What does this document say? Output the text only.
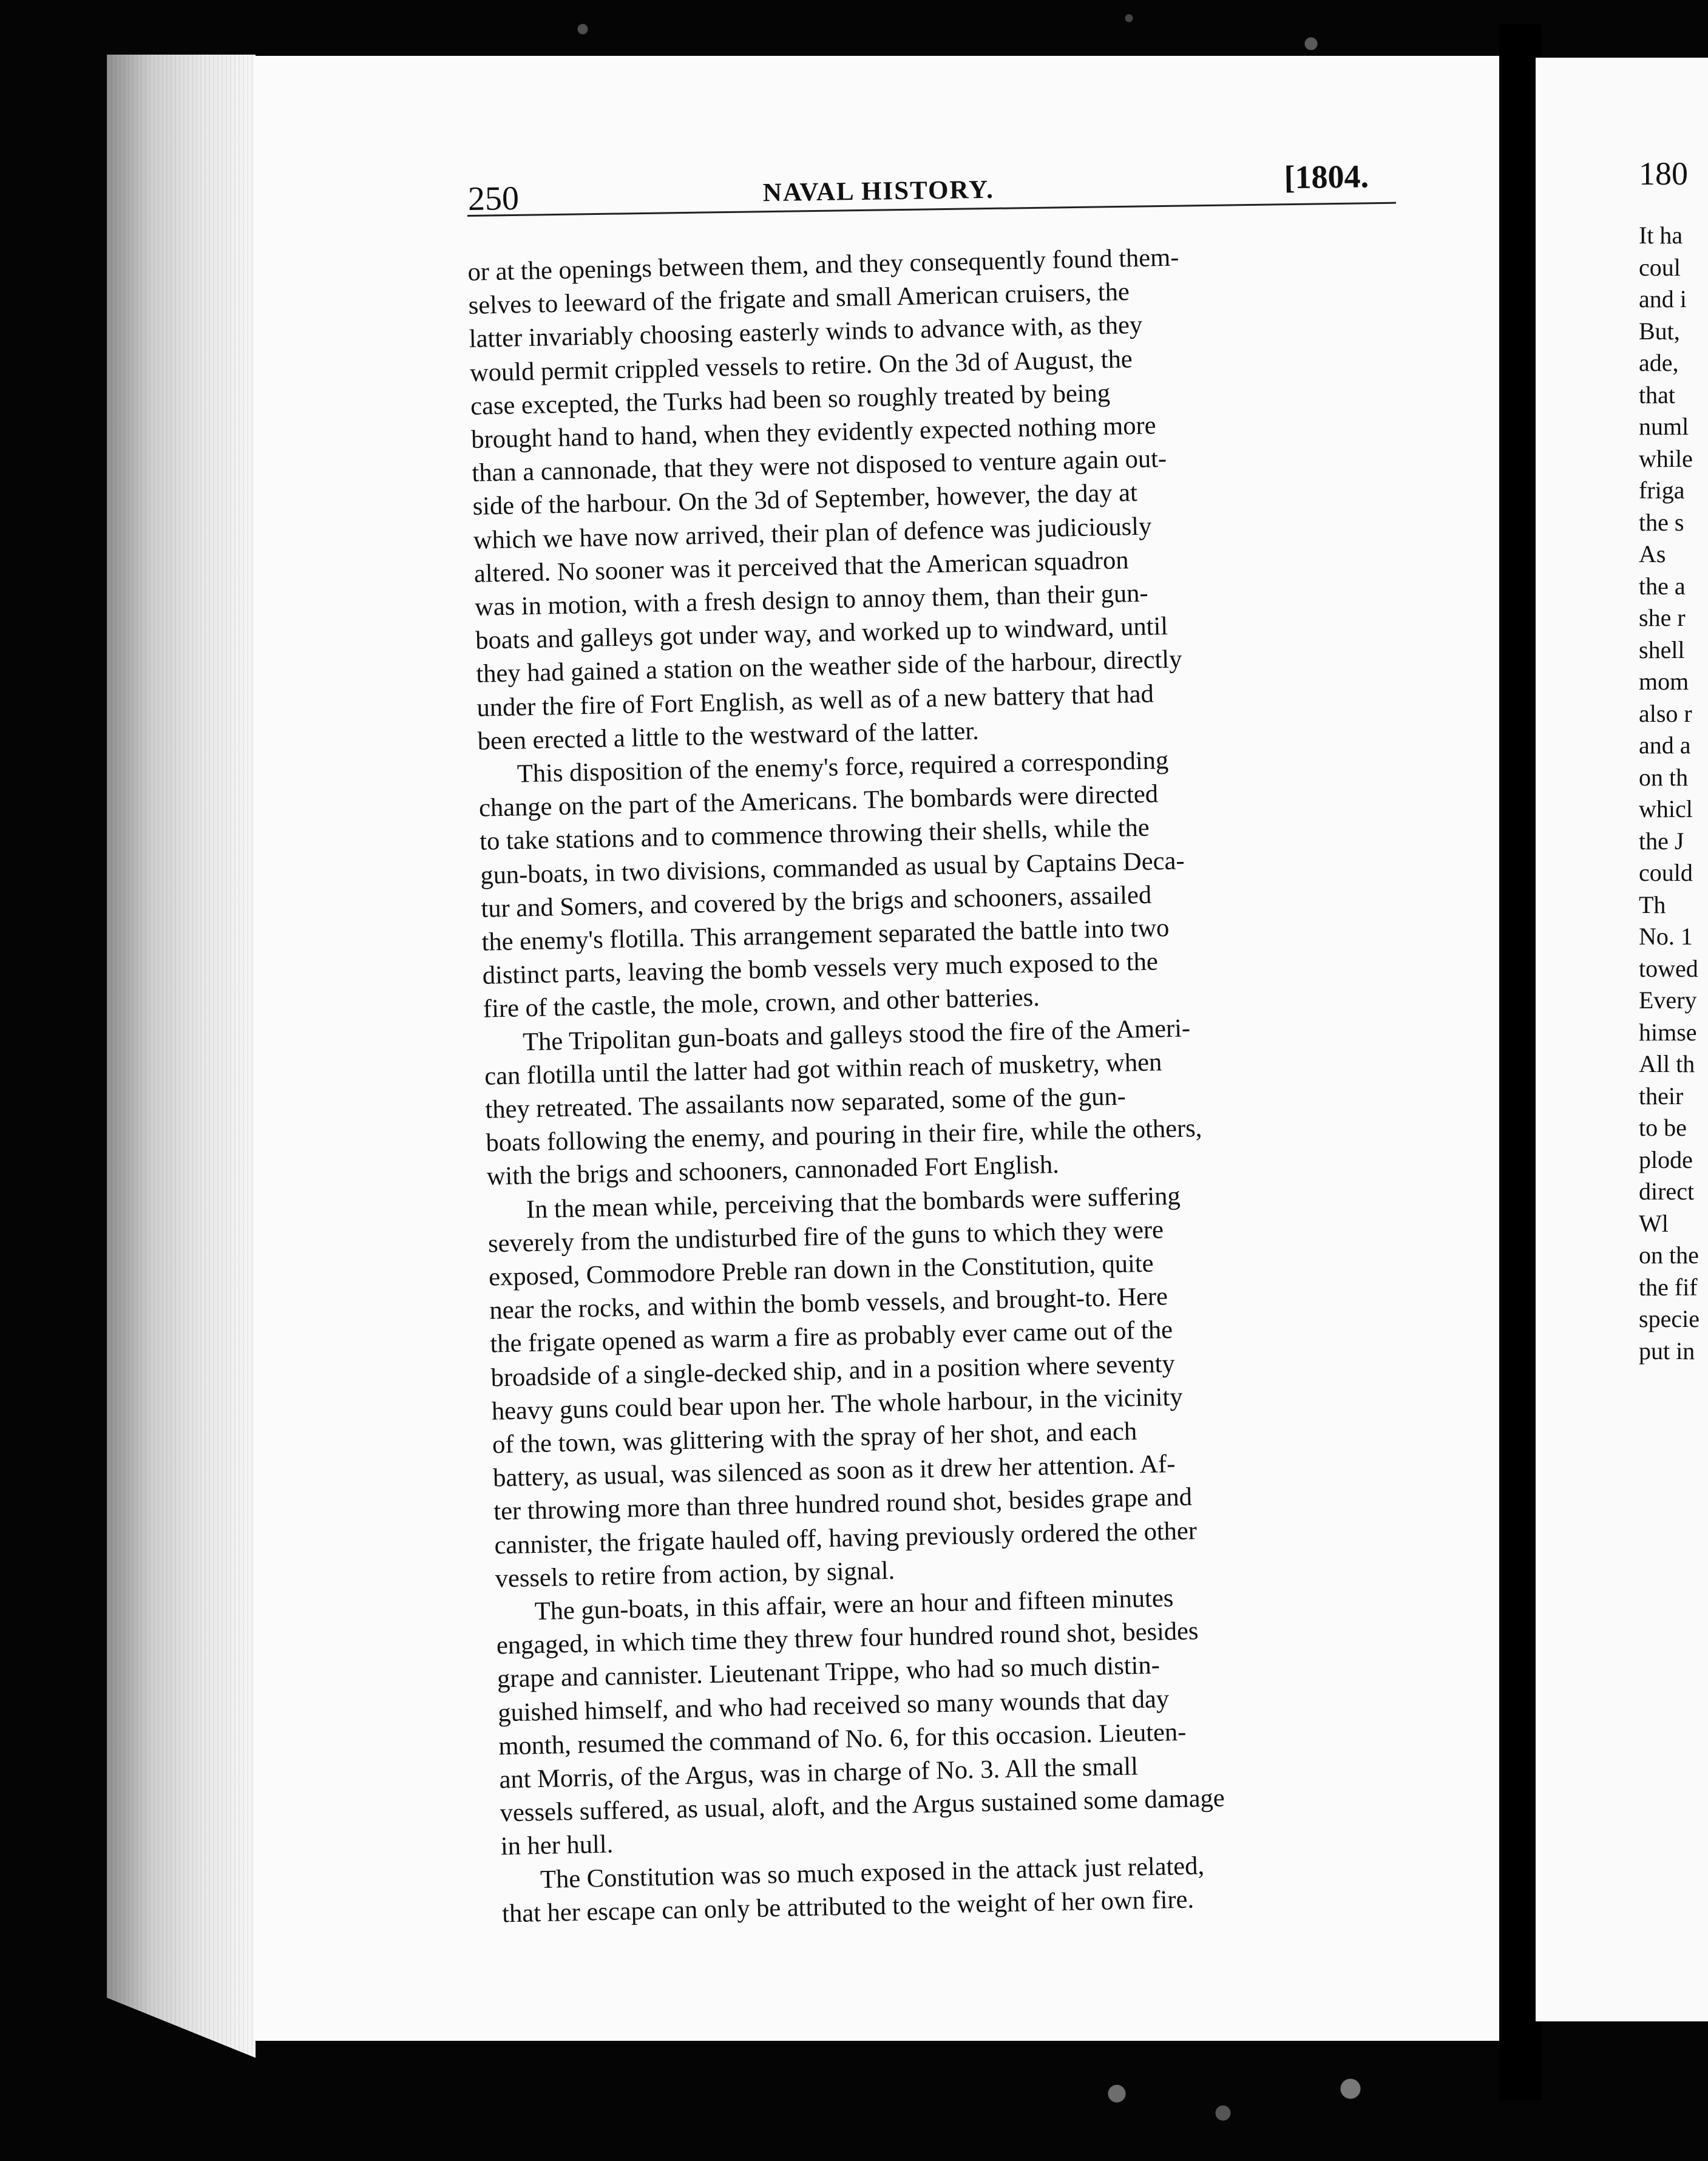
250	NAVAL HISTORY.	[1804.
or at the openings between them, and they consequently found them-
selves to leeward of the frigate and small American cruisers, the
latter invariably choosing easterly winds to advance with, as they
would permit crippled vessels to retire. On the 3d of August, the
case excepted, the Turks had been so roughly treated by being
brought hand to hand, when they evidently expected nothing more
than a cannonade, that they were not disposed to venture again out-
side of the harbour. On the 3d of September, however, the day at
which we have now arrived, their plan of defence was judiciously
altered. No sooner was it perceived that the American squadron
was in motion, with a fresh design to annoy them, than their gun-
boats and galleys got under way, and worked up to windward, until
they had gained a station on the weather side of the harbour, directly
under the fire of Fort English, as well as of a new battery that had
been erected a little to the westward of the latter.
This disposition of the enemy's force, required a corresponding
change on the part of the Americans. The bombards were directed
to take stations and to commence throwing their shells, while the
gun-boats, in two divisions, commanded as usual by Captains Deca-
tur and Somers, and covered by the brigs and schooners, assailed
the enemy's flotilla. This arrangement separated the battle into two
distinct parts, leaving the bomb vessels very much exposed to the
fire of the castle, the mole, crown, and other batteries.
The Tripolitan gun-boats and galleys stood the fire of the Ameri-
can flotilla until the latter had got within reach of musketry, when
they retreated. The assailants now separated, some of the gun-
boats following the enemy, and pouring in their fire, while the others,
with the brigs and schooners, cannonaded Fort English.
In the mean while, perceiving that the bombards were suffering
severely from the undisturbed fire of the guns to which they were
exposed, Commodore Preble ran down in the Constitution, quite
near the rocks, and within the bomb vessels, and brought-to. Here
the frigate opened as warm a fire as probably ever came out of the
broadside of a single-decked ship, and in a position where seventy
heavy guns could bear upon her. The whole harbour, in the vicinity
of the town, was glittering with the spray of her shot, and each
battery, as usual, was silenced as soon as it drew her attention. Af-
ter throwing more than three hundred round shot, besides grape and
cannister, the frigate hauled off, having previously ordered the other
vessels to retire from action, by signal.
The gun-boats, in this affair, were an hour and fifteen minutes
engaged, in which time they threw four hundred round shot, besides
grape and cannister. Lieutenant Trippe, who had so much distin-
guished himself, and who had received so many wounds that day
month, resumed the command of No. 6, for this occasion. Lieuten-
ant Morris, of the Argus, was in charge of No. 3. All the small
vessels suffered, as usual, aloft, and the Argus sustained some damage
in her hull.
The Constitution was so much exposed in the attack just related,
that her escape can only be attributed to the weight of her own fire.
180
It ha
coul
and i
But,
ade,
that
numl
while
friga
the s
As
the a
she r
shell
mom
also r
and a
on th
whicl
the J
could
Th
No. 1
towed
Every
himse
All th
their
to be
plode
direct
Wl
on the
the fif
specie
put in
